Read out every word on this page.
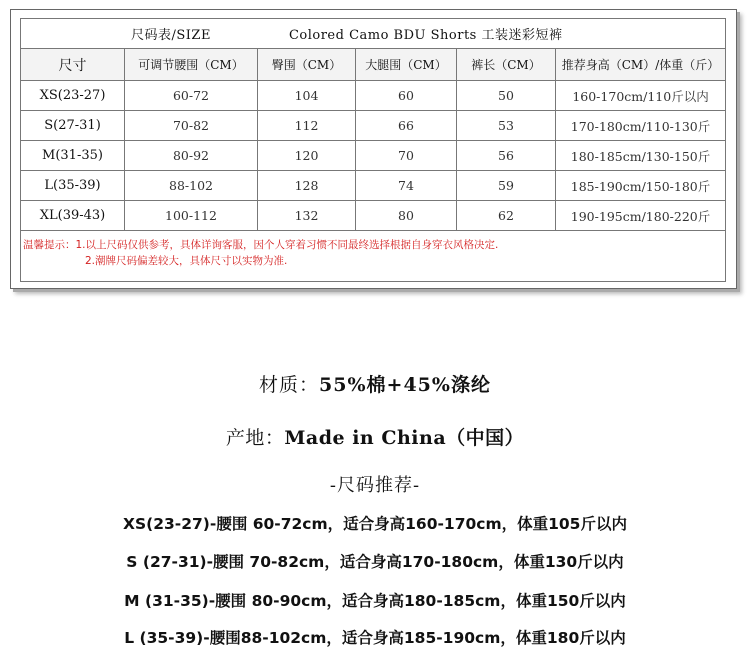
尺码表/SIZE Colored Camo BDU Shorts 工装迷彩短裤					
尺寸	可调节腰围（CM）	臀围（CM）	大腿围（CM）	裤长（CM）	推荐身高（CM）/体重（斤）
XS(23-27)	60-72	104	60	50	160-170cm/110斤以内
S(27-31)	70-82	112	66	53	170-180cm/110-130斤
M(31-35)	80-92	120	70	56	180-185cm/130-150斤
L(35-39)	88-102	128	74	59	185-190cm/150-180斤
XL(39-43)	100-112	132	80	62	190-195cm/180-220斤

温馨提示：1.以上尺码仅供参考，具体详询客服，因个人穿着习惯不同最终选择根据自身穿衣风格决定.
2.潮牌尺码偏差较大，具体尺寸以实物为准.					
材质：55%棉+45%涤纶
产地：Made in China（中国）
-尺码推荐-
XS(23-27)-腰围 60-72cm，适合身高160-170cm，体重105斤以内
S (27-31)-腰围 70-82cm，适合身高170-180cm，体重130斤以内
M (31-35)-腰围 80-90cm，适合身高180-185cm，体重150斤以内
L (35-39)-腰围88-102cm，适合身高185-190cm，体重180斤以内
